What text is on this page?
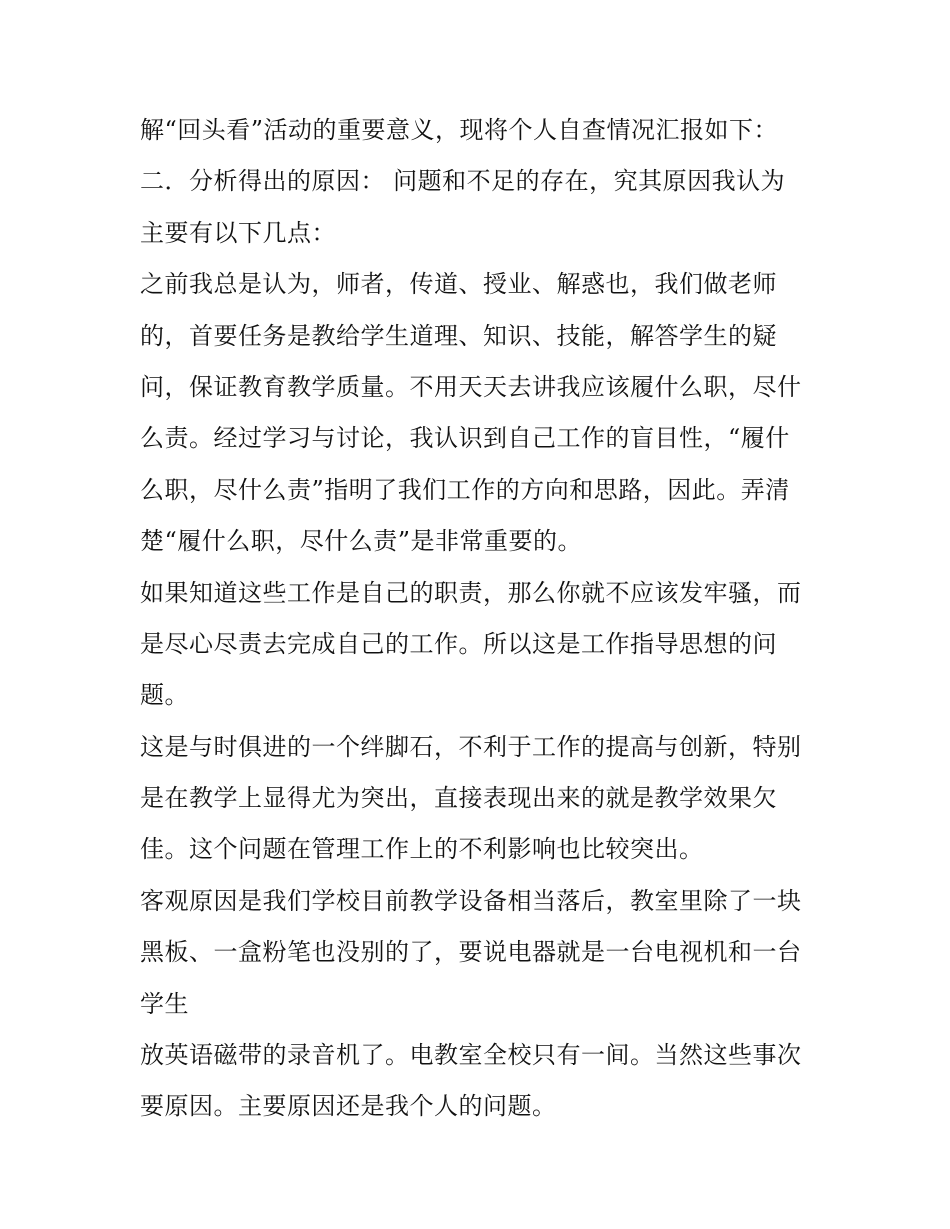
解“回头看”活动的重要意义，现将个人自查情况汇报如下：
二．分析得出的原因： 问题和不足的存在，究其原因我认为
主要有以下几点：
之前我总是认为，师者，传道、授业、解惑也，我们做老师
的，首要任务是教给学生道理、知识、技能，解答学生的疑
问，保证教育教学质量。不用天天去讲我应该履什么职，尽什
么责。经过学习与讨论，我认识到自己工作的盲目性，“履什
么职，尽什么责”指明了我们工作的方向和思路，因此。弄清
楚“履什么职，尽什么责”是非常重要的。
如果知道这些工作是自己的职责，那么你就不应该发牢骚，而
是尽心尽责去完成自己的工作。所以这是工作指导思想的问
题。
这是与时俱进的一个绊脚石，不利于工作的提高与创新，特别
是在教学上显得尤为突出，直接表现出来的就是教学效果欠
佳。这个问题在管理工作上的不利影响也比较突出。
客观原因是我们学校目前教学设备相当落后，教室里除了一块
黑板、一盒粉笔也没别的了，要说电器就是一台电视机和一台
学生
放英语磁带的录音机了。电教室全校只有一间。当然这些事次
要原因。主要原因还是我个人的问题。
